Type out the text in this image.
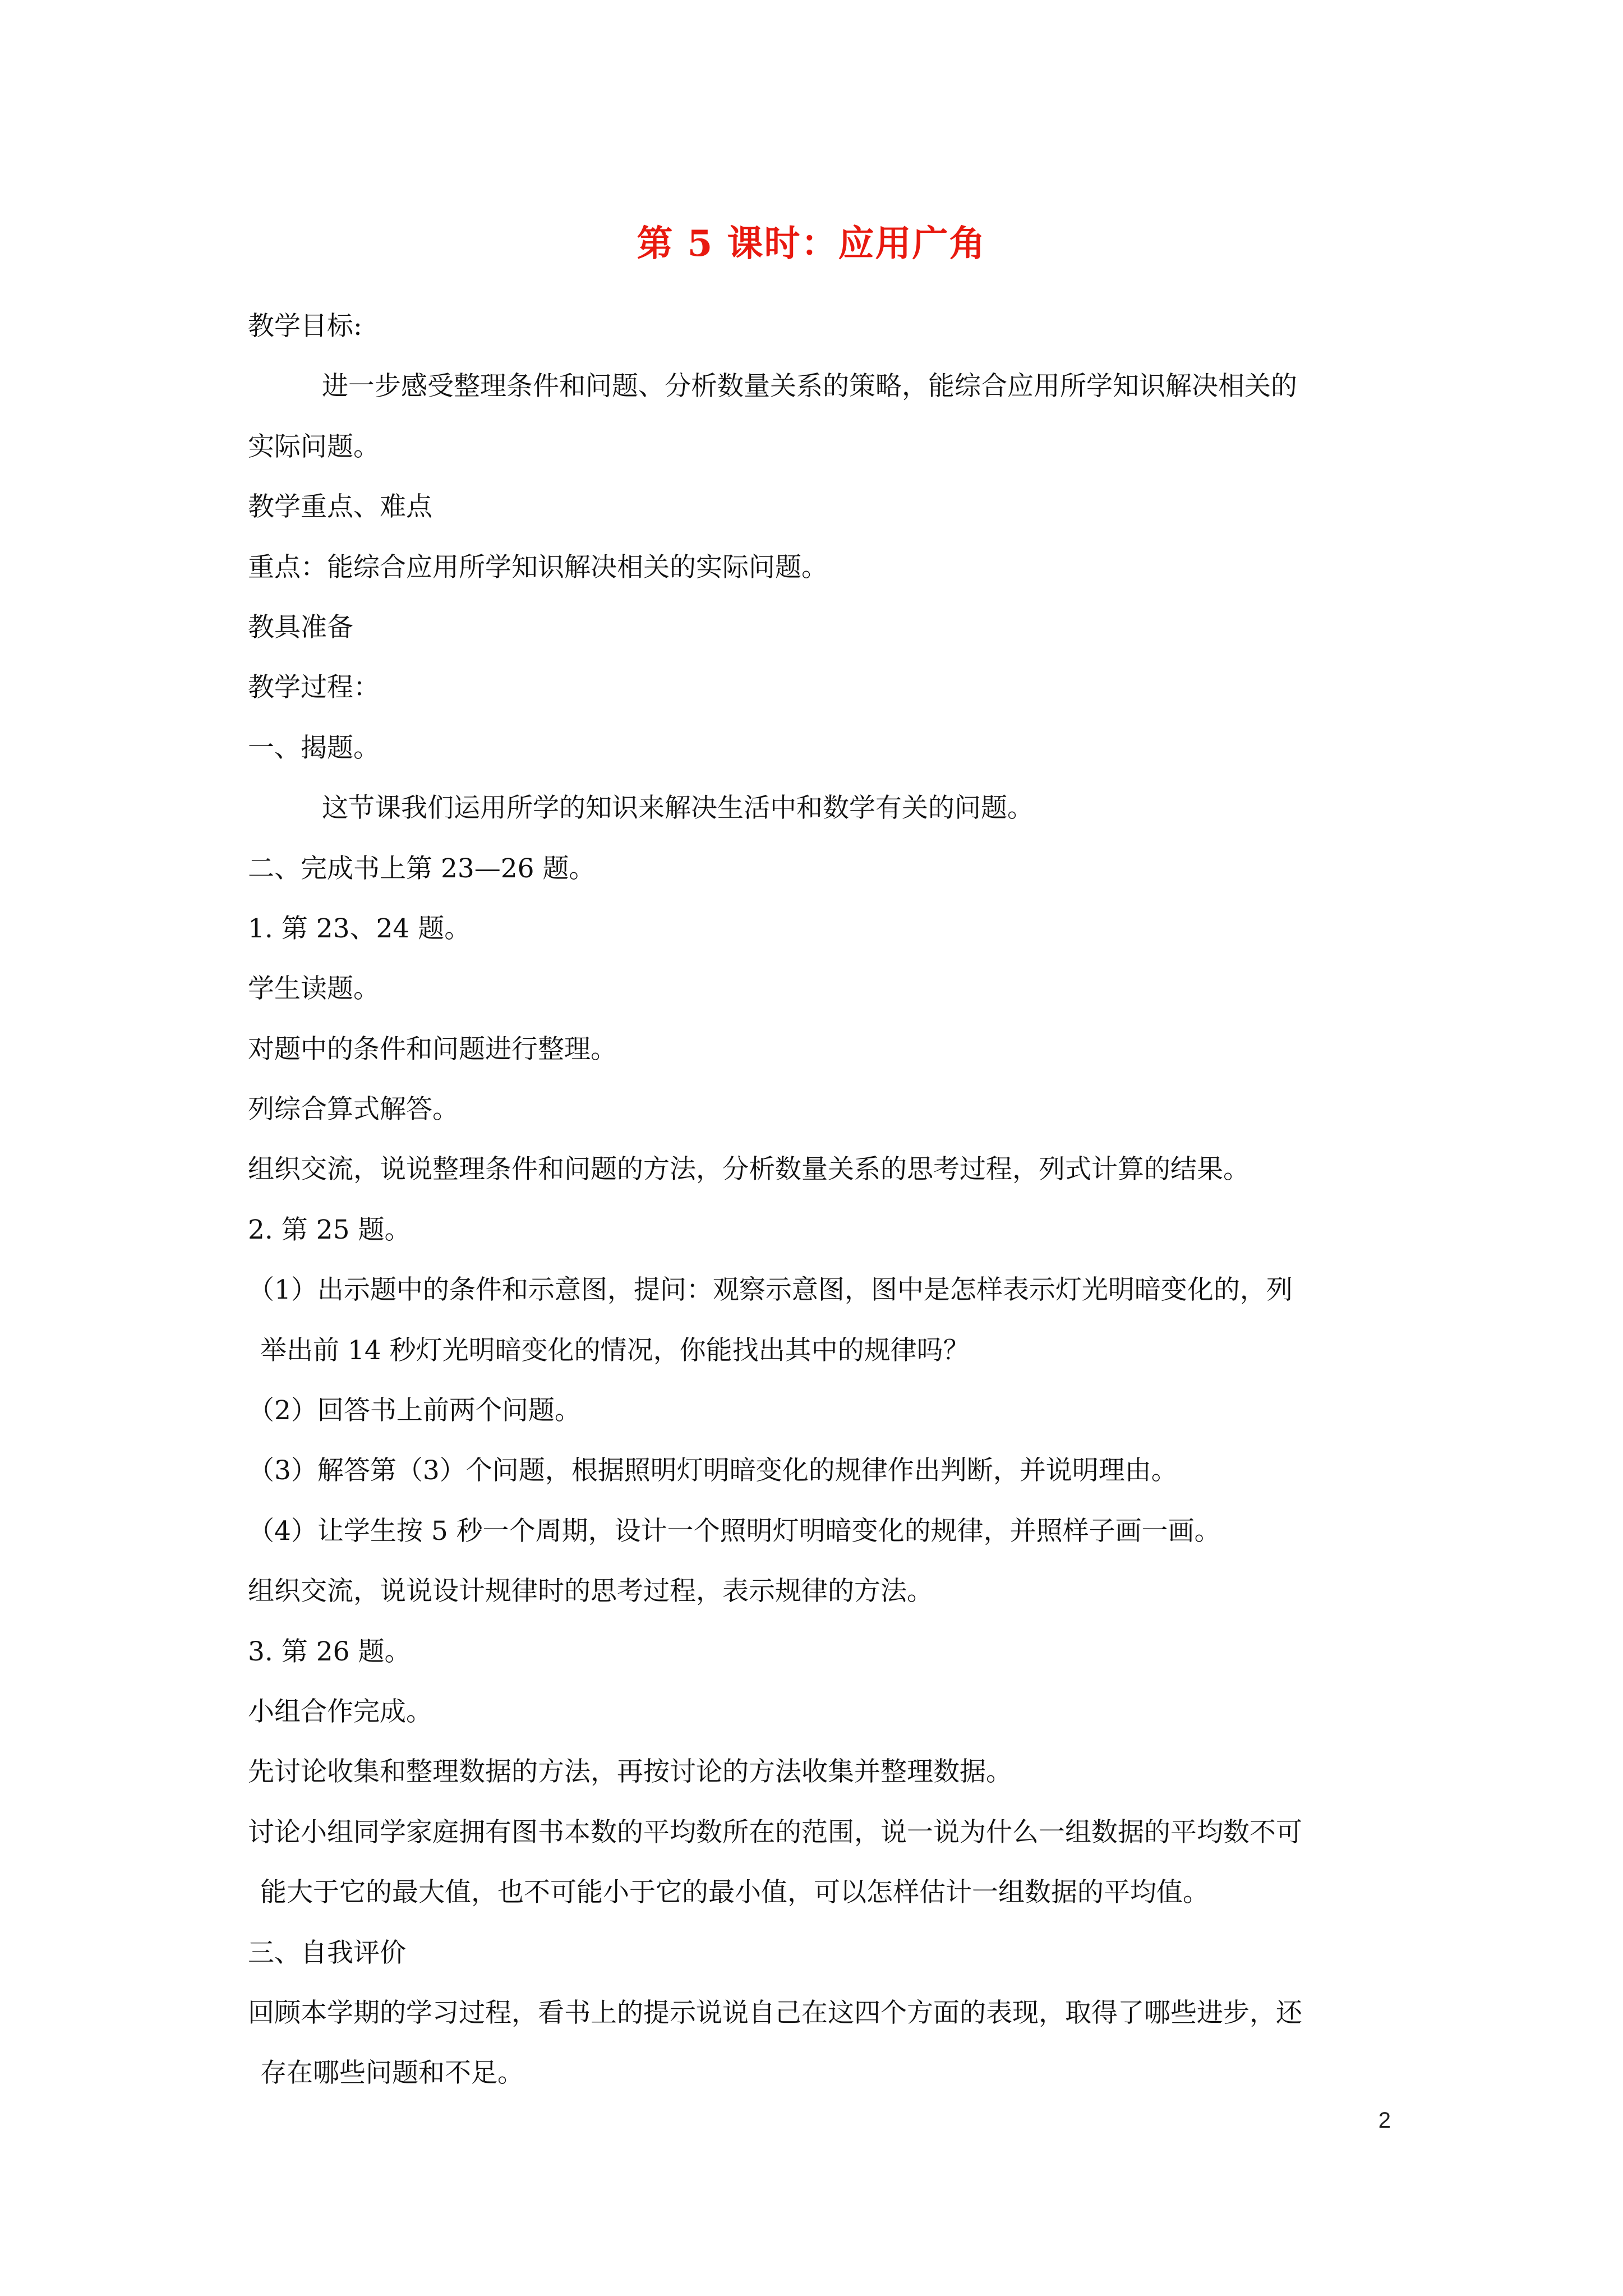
第 5 课时：应用广角
教学目标:
进一步感受整理条件和问题、分析数量关系的策略，能综合应用所学知识解决相关的
实际问题。
教学重点、难点
重点：能综合应用所学知识解决相关的实际问题。
教具准备
教学过程：
一、揭题。
这节课我们运用所学的知识来解决生活中和数学有关的问题。
二、完成书上第 23—26 题。
1. 第 23、24 题。
学生读题。
对题中的条件和问题进行整理。
列综合算式解答。
组织交流，说说整理条件和问题的方法，分析数量关系的思考过程，列式计算的结果。
2. 第 25 题。
（1）出示题中的条件和示意图，提问：观察示意图，图中是怎样表示灯光明暗变化的，列
举出前 14 秒灯光明暗变化的情况，你能找出其中的规律吗？
（2）回答书上前两个问题。
（3）解答第（3）个问题，根据照明灯明暗变化的规律作出判断，并说明理由。
（4）让学生按 5 秒一个周期，设计一个照明灯明暗变化的规律，并照样子画一画。
组织交流，说说设计规律时的思考过程，表示规律的方法。
3. 第 26 题。
小组合作完成。
先讨论收集和整理数据的方法，再按讨论的方法收集并整理数据。
讨论小组同学家庭拥有图书本数的平均数所在的范围，说一说为什么一组数据的平均数不可
能大于它的最大值，也不可能小于它的最小值，可以怎样估计一组数据的平均值。
三、自我评价
回顾本学期的学习过程，看书上的提示说说自己在这四个方面的表现，取得了哪些进步，还
存在哪些问题和不足。
2
